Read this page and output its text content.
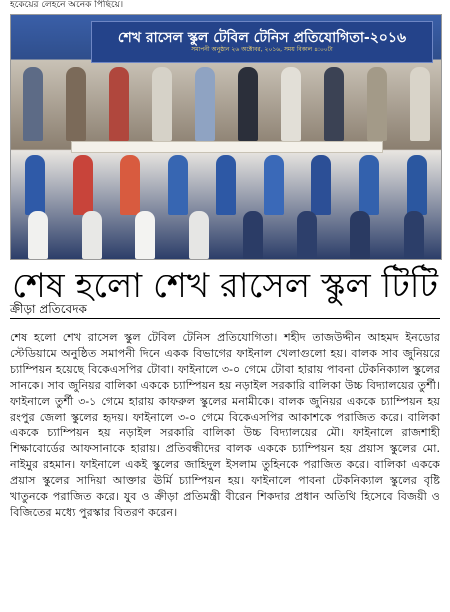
হকেয়ের লেহনে অনেক পিছিয়ে।
শেখ রাসেল স্কুল টেবিল টেনিস প্রতিযোগিতা-২০১৬
সমাপনী অনুষ্ঠান ২৬ অক্টোবর, ২০১৬, সময় বিকাল ৪:০০টা
শেষ হলো শেখ রাসেল স্কুল টিটি
ক্রীড়া প্রতিবেদক
শেষ হলো শেখ রাসেল স্কুল টেবিল টেনিস প্রতিযোগিতা। শহীদ তাজউদ্দীন আহমদ ইনডোর স্টেডিয়ামে অনুষ্ঠিত সমাপনী দিনে একক বিভাগের ফাইনাল খেলাগুলো হয়। বালক সাব জুনিয়রে চ্যাম্পিয়ন হয়েছে বিকেএসপির টোবা। ফাইনালে ৩-০ গেমে টোবা হারায় পাবনা টেকনিক্যাল স্কুলের সানকে। সাব জুনিয়র বালিকা এককে চ্যাম্পিয়ন হয় নড়াইল সরকারি বালিকা উচ্চ বিদ্যালয়ের তুর্শী। ফাইনালে তুর্শী ৩-১ গেমে হারায় কাফরুল স্কুলের মনামীকে। বালক জুনিয়র এককে চ্যাম্পিয়ন হয় রংপুর জেলা স্কুলের হৃদয়। ফাইনালে ৩-০ গেমে বিকেএসপির আকাশকে পরাজিত করে। বালিকা এককে চ্যাম্পিয়ন হয় নড়াইল সরকারি বালিকা উচ্চ বিদ্যালয়ের মৌ। ফাইনালে রাজশাহী শিক্ষাবোর্ডের আফসানাকে হারায়। প্রতিবন্ধীদের বালক এককে চ্যাম্পিয়ন হয় প্রয়াস স্কুলের মো. নাইমুর রহমান। ফাইনালে একই স্কুলের জাহিদুল ইসলাম তুহিনকে পরাজিত করে। বালিকা এককে প্রয়াস স্কুলের সাদিয়া আক্তার ঊর্মি চ্যাম্পিয়ন হয়। ফাইনালে পাবনা টেকনিক্যাল স্কুলের বৃষ্টি খাতুনকে পরাজিত করে। যুব ও ক্রীড়া প্রতিমন্ত্রী বীরেন শিকদার প্রধান অতিথি হিসেবে বিজয়ী ও বিজিতের মধ্যে পুরস্কার বিতরণ করেন।
